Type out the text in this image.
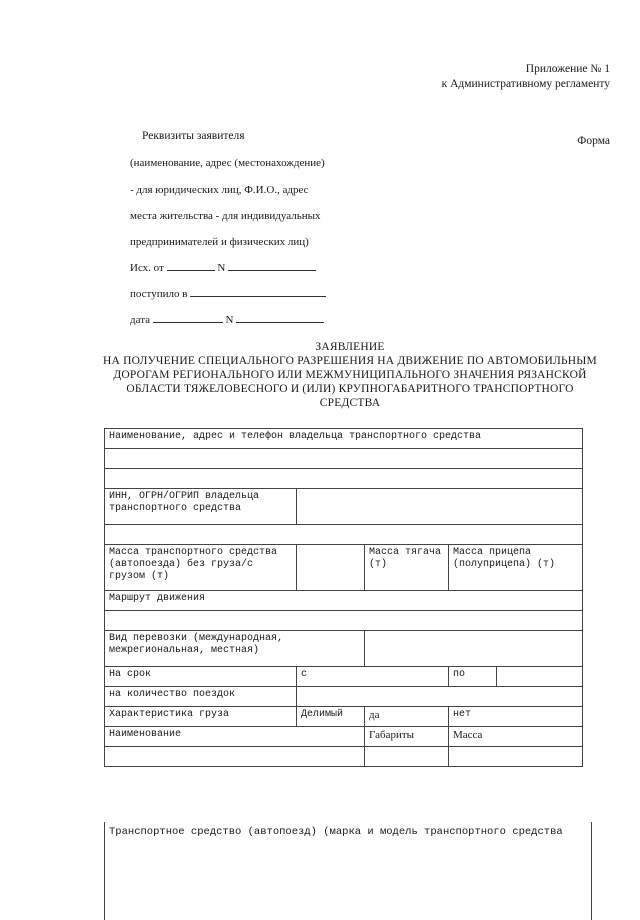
Приложение № 1
к Административному регламенту
Форма
Реквизиты заявителя
(наименование, адрес (местонахождение)
- для юридических лиц, Ф.И.О., адрес
места жительства - для индивидуальных
предпринимателей и физических лиц)
Исх. от	N
поступило в
дата	N
ЗАЯВЛЕНИЕ
НА ПОЛУЧЕНИЕ СПЕЦИАЛЬНОГО РАЗРЕШЕНИЯ НА ДВИЖЕНИЕ ПО АВТОМОБИЛЬНЫМ
ДОРОГАМ РЕГИОНАЛЬНОГО ИЛИ МЕЖМУНИЦИПАЛЬНОГО ЗНАЧЕНИЯ РЯЗАНСКОЙ
ОБЛАСТИ ТЯЖЕЛОВЕСНОГО И (ИЛИ) КРУПНОГАБАРИТНОГО ТРАНСПОРТНОГО
СРЕДСТВА
Наименование, адрес и телефон владельца транспортного средства				

ИНН, ОГРН/ОГРИП владельца транспортного средства				

Масса транспортного средства (автопоезда) без груза/с грузом (т)		Масса тягача (т)	Масса прицепа (полуприцепа) (т)	
Маршрут движения				

Вид перевозки (международная, межрегиональная, местная)				
На срок	с		по	
на количество поездок				
Характеристика груза	Делимый	да	нет	
Наименование		Габариты	Масса	

Транспортное средство (автопоезд) (марка и модель транспортного средства
